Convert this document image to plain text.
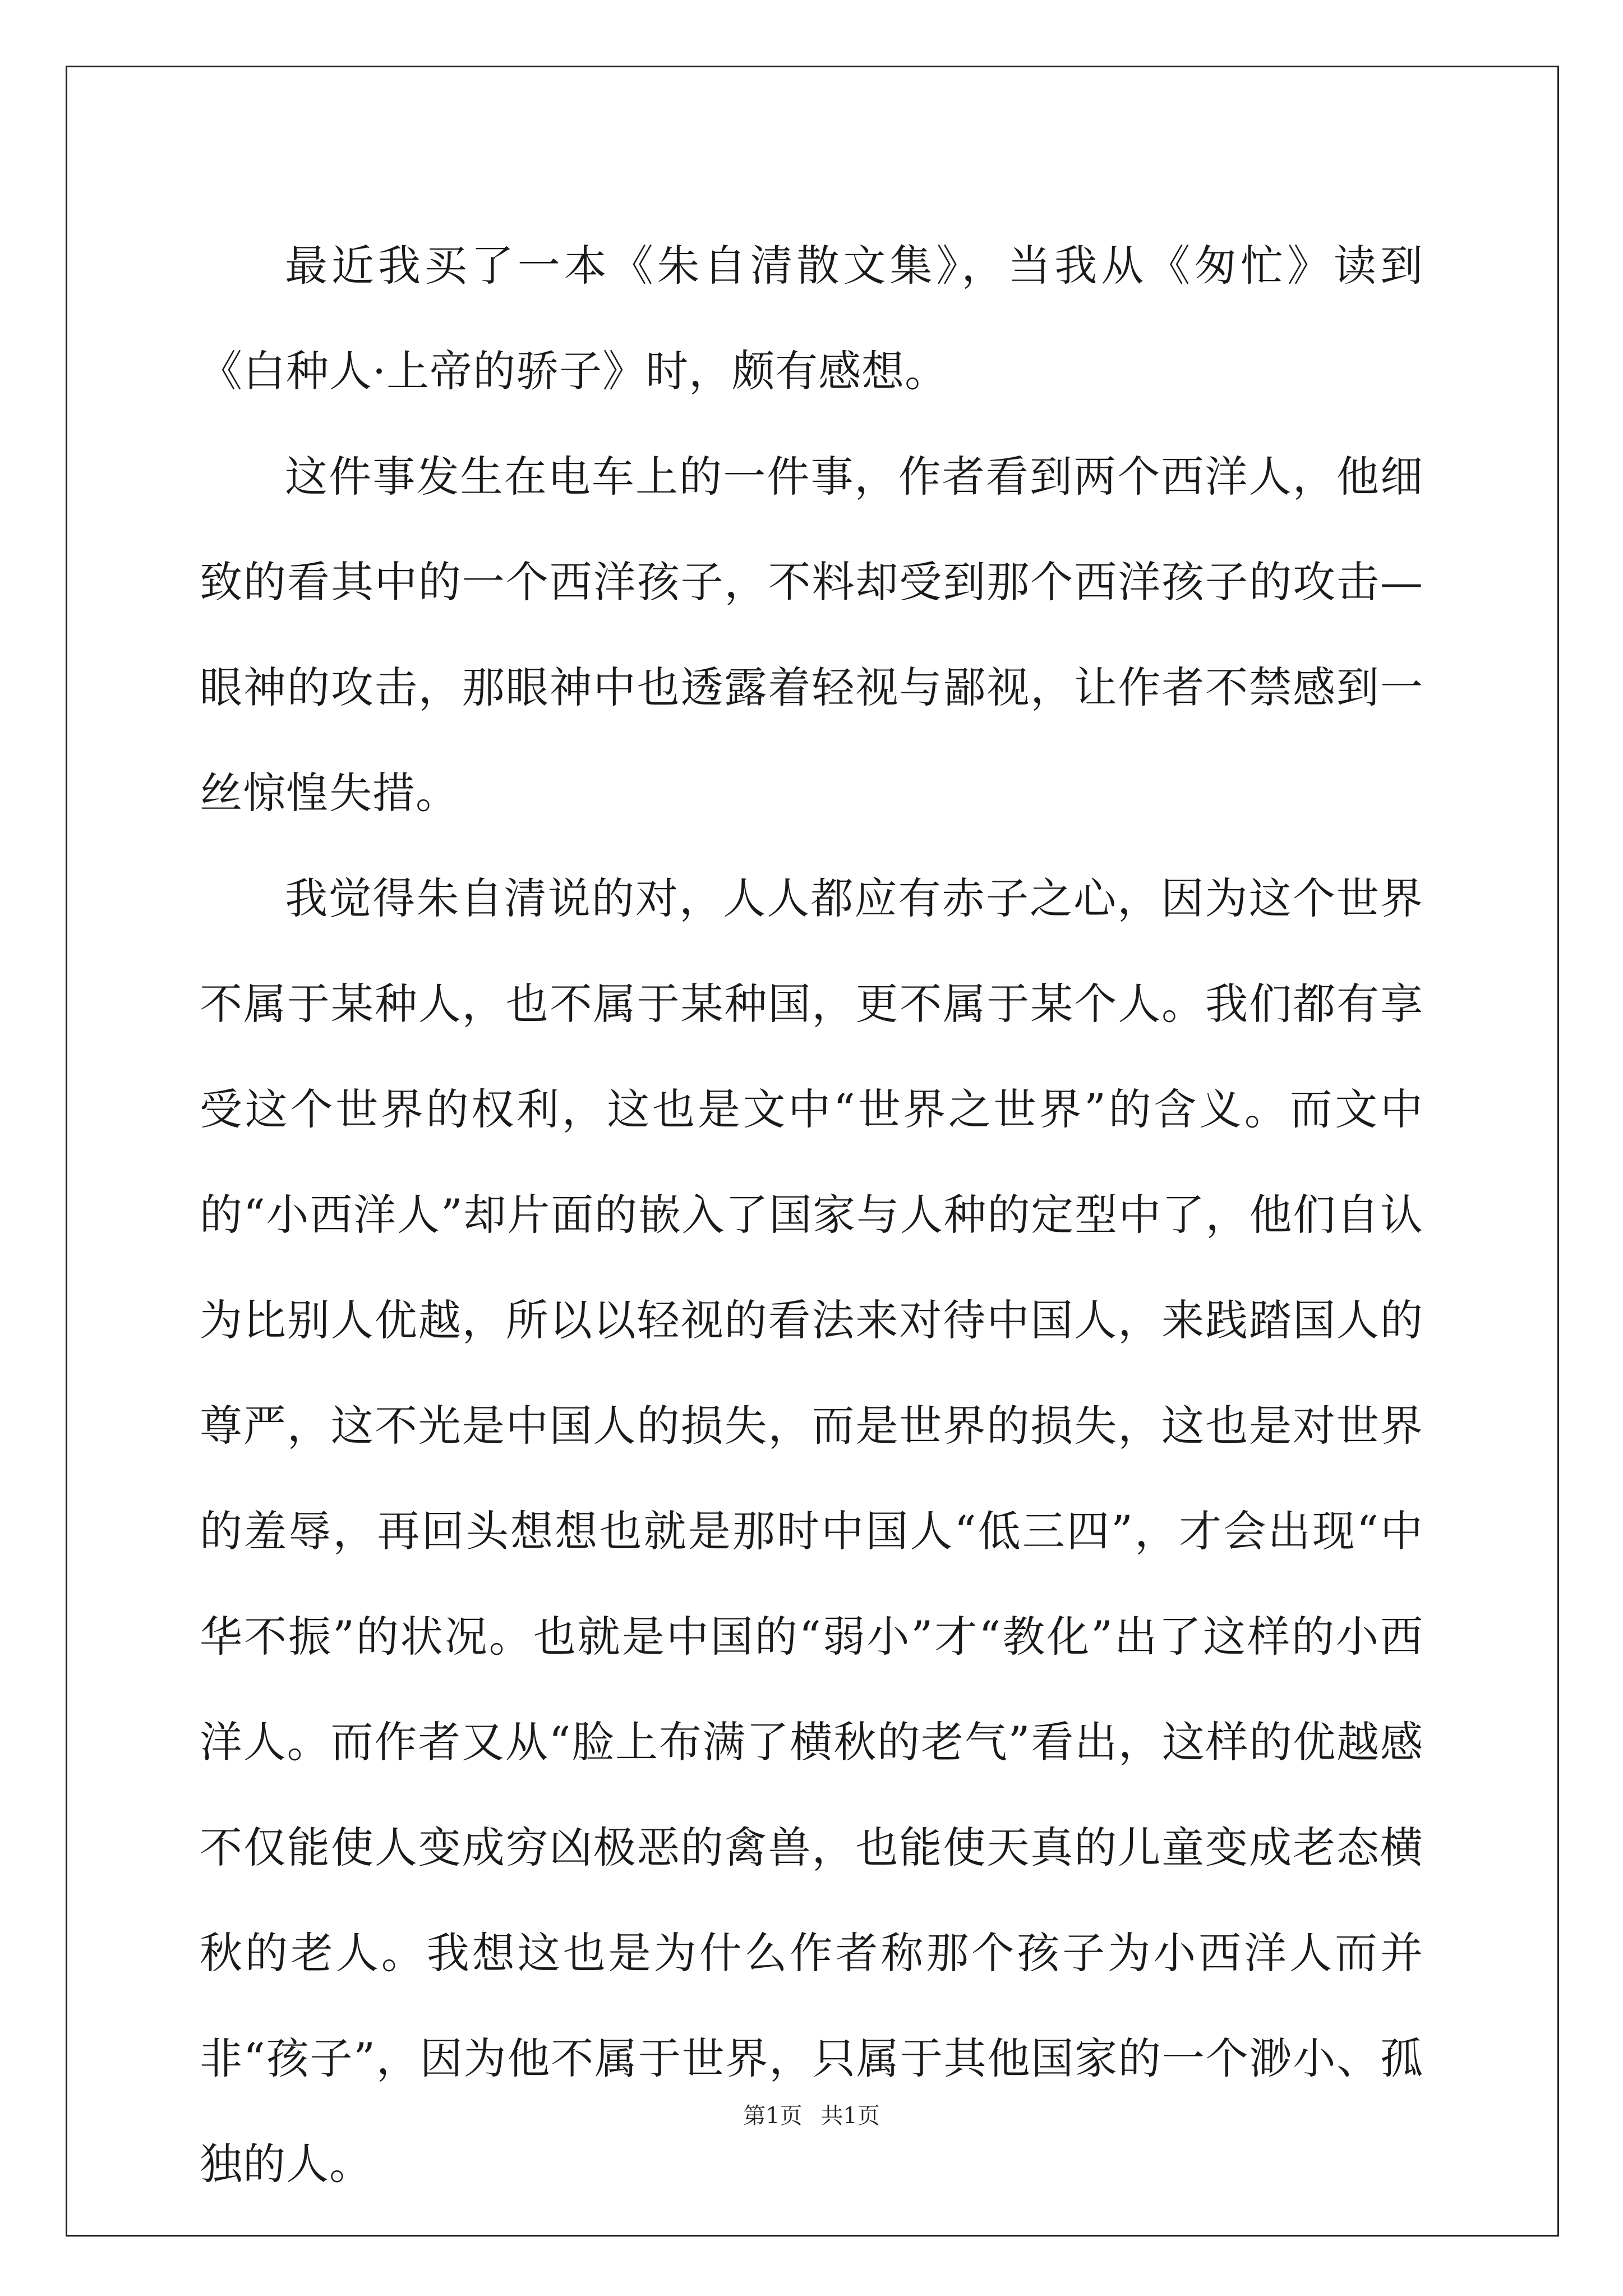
最近我买了一本《朱自清散文集》，当我从《匆忙》读到《白种人·上帝的骄子》时，颇有感想。

这件事发生在电车上的一件事，作者看到两个西洋人，他细致的看其中的一个西洋孩子，不料却受到那个西洋孩子的攻击—眼神的攻击，那眼神中也透露着轻视与鄙视，让作者不禁感到一丝惊惶失措。

我觉得朱自清说的对，人人都应有赤子之心，因为这个世界不属于某种人，也不属于某种国，更不属于某个人。我们都有享受这个世界的权利，这也是文中“世界之世界”的含义。而文中的“小西洋人”却片面的嵌入了国家与人种的定型中了，他们自认为比别人优越，所以以轻视的看法来对待中国人，来践踏国人的尊严，这不光是中国人的损失，而是世界的损失，这也是对世界的羞辱，再回头想想也就是那时中国人“低三四”，才会出现“中华不振”的状况。也就是中国的“弱小”才“教化”出了这样的小西洋人。而作者又从“脸上布满了横秋的老气”看出，这样的优越感不仅能使人变成穷凶极恶的禽兽，也能使天真的儿童变成老态横秋的老人。我想这也是为什么作者称那个孩子为小西洋人而并非“孩子”，因为他不属于世界，只属于其他国家的一个渺小、孤独的人。

第1页 共1页
